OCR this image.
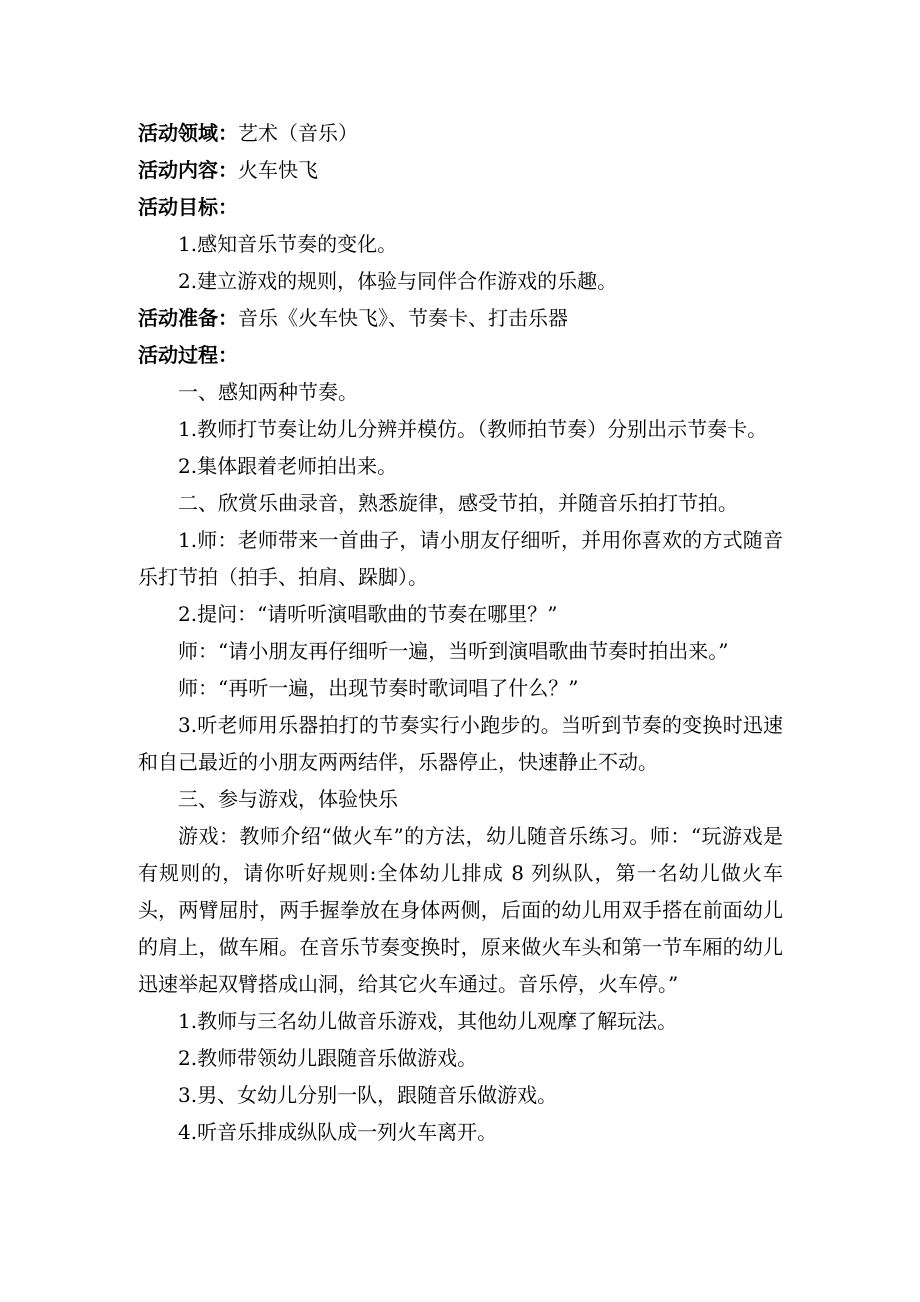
活动领域：艺术（音乐）
活动内容：火车快飞
活动目标：
1.感知音乐节奏的变化。
2.建立游戏的规则，体验与同伴合作游戏的乐趣。
活动准备：音乐《火车快飞》、节奏卡、打击乐器
活动过程：
一、感知两种节奏。
1.教师打节奏让幼儿分辨并模仿。（教师拍节奏）分别出示节奏卡。
2.集体跟着老师拍出来。
二、欣赏乐曲录音，熟悉旋律，感受节拍，并随音乐拍打节拍。
1.师：老师带来一首曲子，请小朋友仔细听，并用你喜欢的方式随音乐打节拍（拍手、拍肩、跺脚）。
2.提问：“请听听演唱歌曲的节奏在哪里？”
师：“请小朋友再仔细听一遍，当听到演唱歌曲节奏时拍出来。”
师：“再听一遍，出现节奏时歌词唱了什么？”
3.听老师用乐器拍打的节奏实行小跑步的。当听到节奏的变换时迅速和自己最近的小朋友两两结伴，乐器停止，快速静止不动。
三、参与游戏，体验快乐
游戏：教师介绍“做火车”的方法，幼儿随音乐练习。师：“玩游戏是有规则的，请你听好规则:全体幼儿排成 8 列纵队，第一名幼儿做火车头，两臂屈肘，两手握拳放在身体两侧，后面的幼儿用双手搭在前面幼儿的肩上，做车厢。在音乐节奏变换时，原来做火车头和第一节车厢的幼儿迅速举起双臂搭成山洞，给其它火车通过。音乐停，火车停。”
1.教师与三名幼儿做音乐游戏，其他幼儿观摩了解玩法。
2.教师带领幼儿跟随音乐做游戏。
3.男、女幼儿分别一队，跟随音乐做游戏。
4.听音乐排成纵队成一列火车离开。
